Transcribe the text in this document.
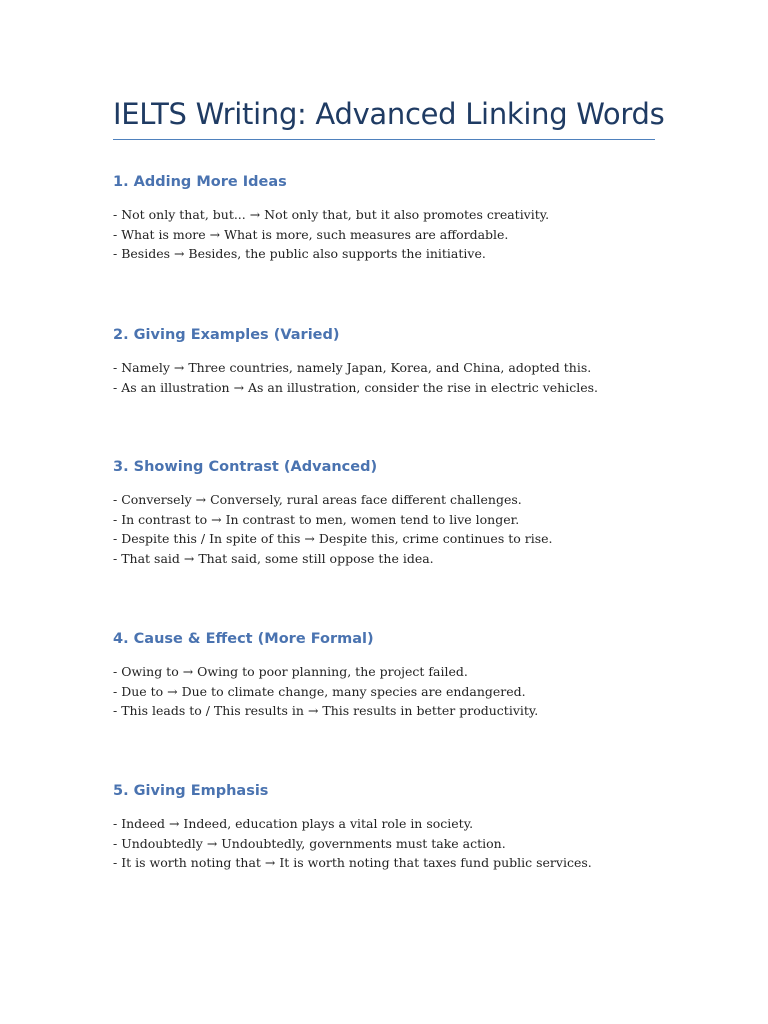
IELTS Writing: Advanced Linking Words
1. Adding More Ideas
- Not only that, but... → Not only that, but it also promotes creativity.
- What is more → What is more, such measures are affordable.
- Besides → Besides, the public also supports the initiative.
2. Giving Examples (Varied)
- Namely → Three countries, namely Japan, Korea, and China, adopted this.
- As an illustration → As an illustration, consider the rise in electric vehicles.
3. Showing Contrast (Advanced)
- Conversely → Conversely, rural areas face different challenges.
- In contrast to → In contrast to men, women tend to live longer.
- Despite this / In spite of this → Despite this, crime continues to rise.
- That said → That said, some still oppose the idea.
4. Cause & Effect (More Formal)
- Owing to → Owing to poor planning, the project failed.
- Due to → Due to climate change, many species are endangered.
- This leads to / This results in → This results in better productivity.
5. Giving Emphasis
- Indeed → Indeed, education plays a vital role in society.
- Undoubtedly → Undoubtedly, governments must take action.
- It is worth noting that → It is worth noting that taxes fund public services.
